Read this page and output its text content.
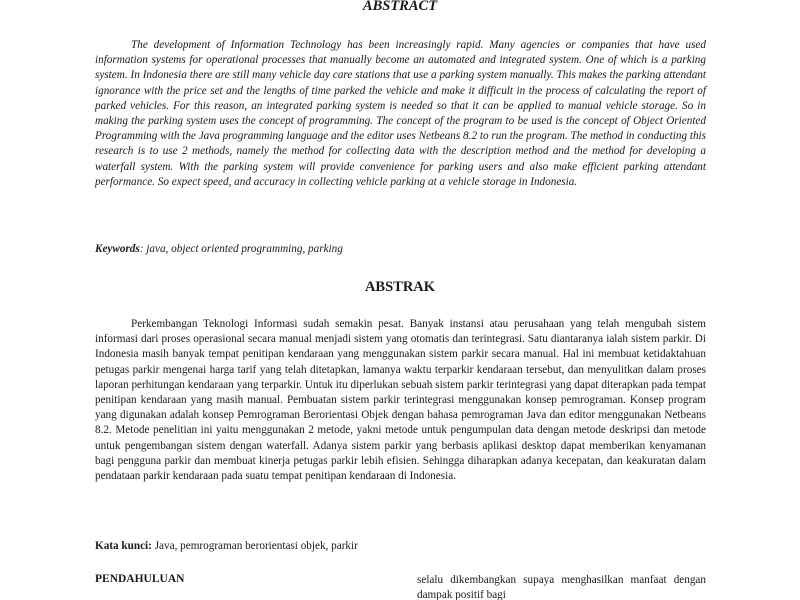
ABSTRACT

The development of Information Technology has been increasingly rapid. Many agencies or companies that have used information systems for operational processes that manually become an automated and integrated system. One of which is a parking system. In Indonesia there are still many vehicle day care stations that use a parking system manually. This makes the parking attendant ignorance with the price set and the lengths of time parked the vehicle and make it difficult in the process of calculating the report of parked vehicles. For this reason, an integrated parking system is needed so that it can be applied to manual vehicle storage. So in making the parking system uses the concept of programming. The concept of the program to be used is the concept of Object Oriented Programming with the Java programming language and the editor uses Netbeans 8.2 to run the program. The method in conducting this research is to use 2 methods, namely the method for collecting data with the description method and the method for developing a waterfall system. With the parking system will provide convenience for parking users and also make efficient parking attendant performance. So expect speed, and accuracy in collecting vehicle parking at a vehicle storage in Indonesia.

Keywords: java, object oriented programming, parking

ABSTRAK

Perkembangan Teknologi Informasi sudah semakin pesat. Banyak instansi atau perusahaan yang telah mengubah sistem informasi dari proses operasional secara manual menjadi sistem yang otomatis dan terintegrasi. Satu diantaranya ialah sistem parkir. Di Indonesia masih banyak tempat penitipan kendaraan yang menggunakan sistem parkir secara manual. Hal ini membuat ketidaktahuan petugas parkir mengenai harga tarif yang telah ditetapkan, lamanya waktu terparkir kendaraan tersebut, dan menyulitkan dalam proses laporan perhitungan kendaraan yang terparkir. Untuk itu diperlukan sebuah sistem parkir terintegrasi yang dapat diterapkan pada tempat penitipan kendaraan yang masih manual. Pembuatan sistem parkir terintegrasi menggunakan konsep pemrograman. Konsep program yang digunakan adalah konsep Pemrograman Berorientasi Objek dengan bahasa pemrograman Java dan editor menggunakan Netbeans 8.2. Metode penelitian ini yaitu menggunakan 2 metode, yakni metode untuk pengumpulan data dengan metode deskripsi dan metode untuk pengembangan sistem dengan waterfall. Adanya sistem parkir yang berbasis aplikasi desktop dapat memberikan kenyamanan bagi pengguna parkir dan membuat kinerja petugas parkir lebih efisien. Sehingga diharapkan adanya kecepatan, dan keakuratan dalam pendataan parkir kendaraan pada suatu tempat penitipan kendaraan di Indonesia.

Kata kunci: Java, pemrograman berorientasi objek, parkir

PENDAHULUAN	selalu dikembangkan supaya menghasilkan manfaat dengan dampak positif bagi
